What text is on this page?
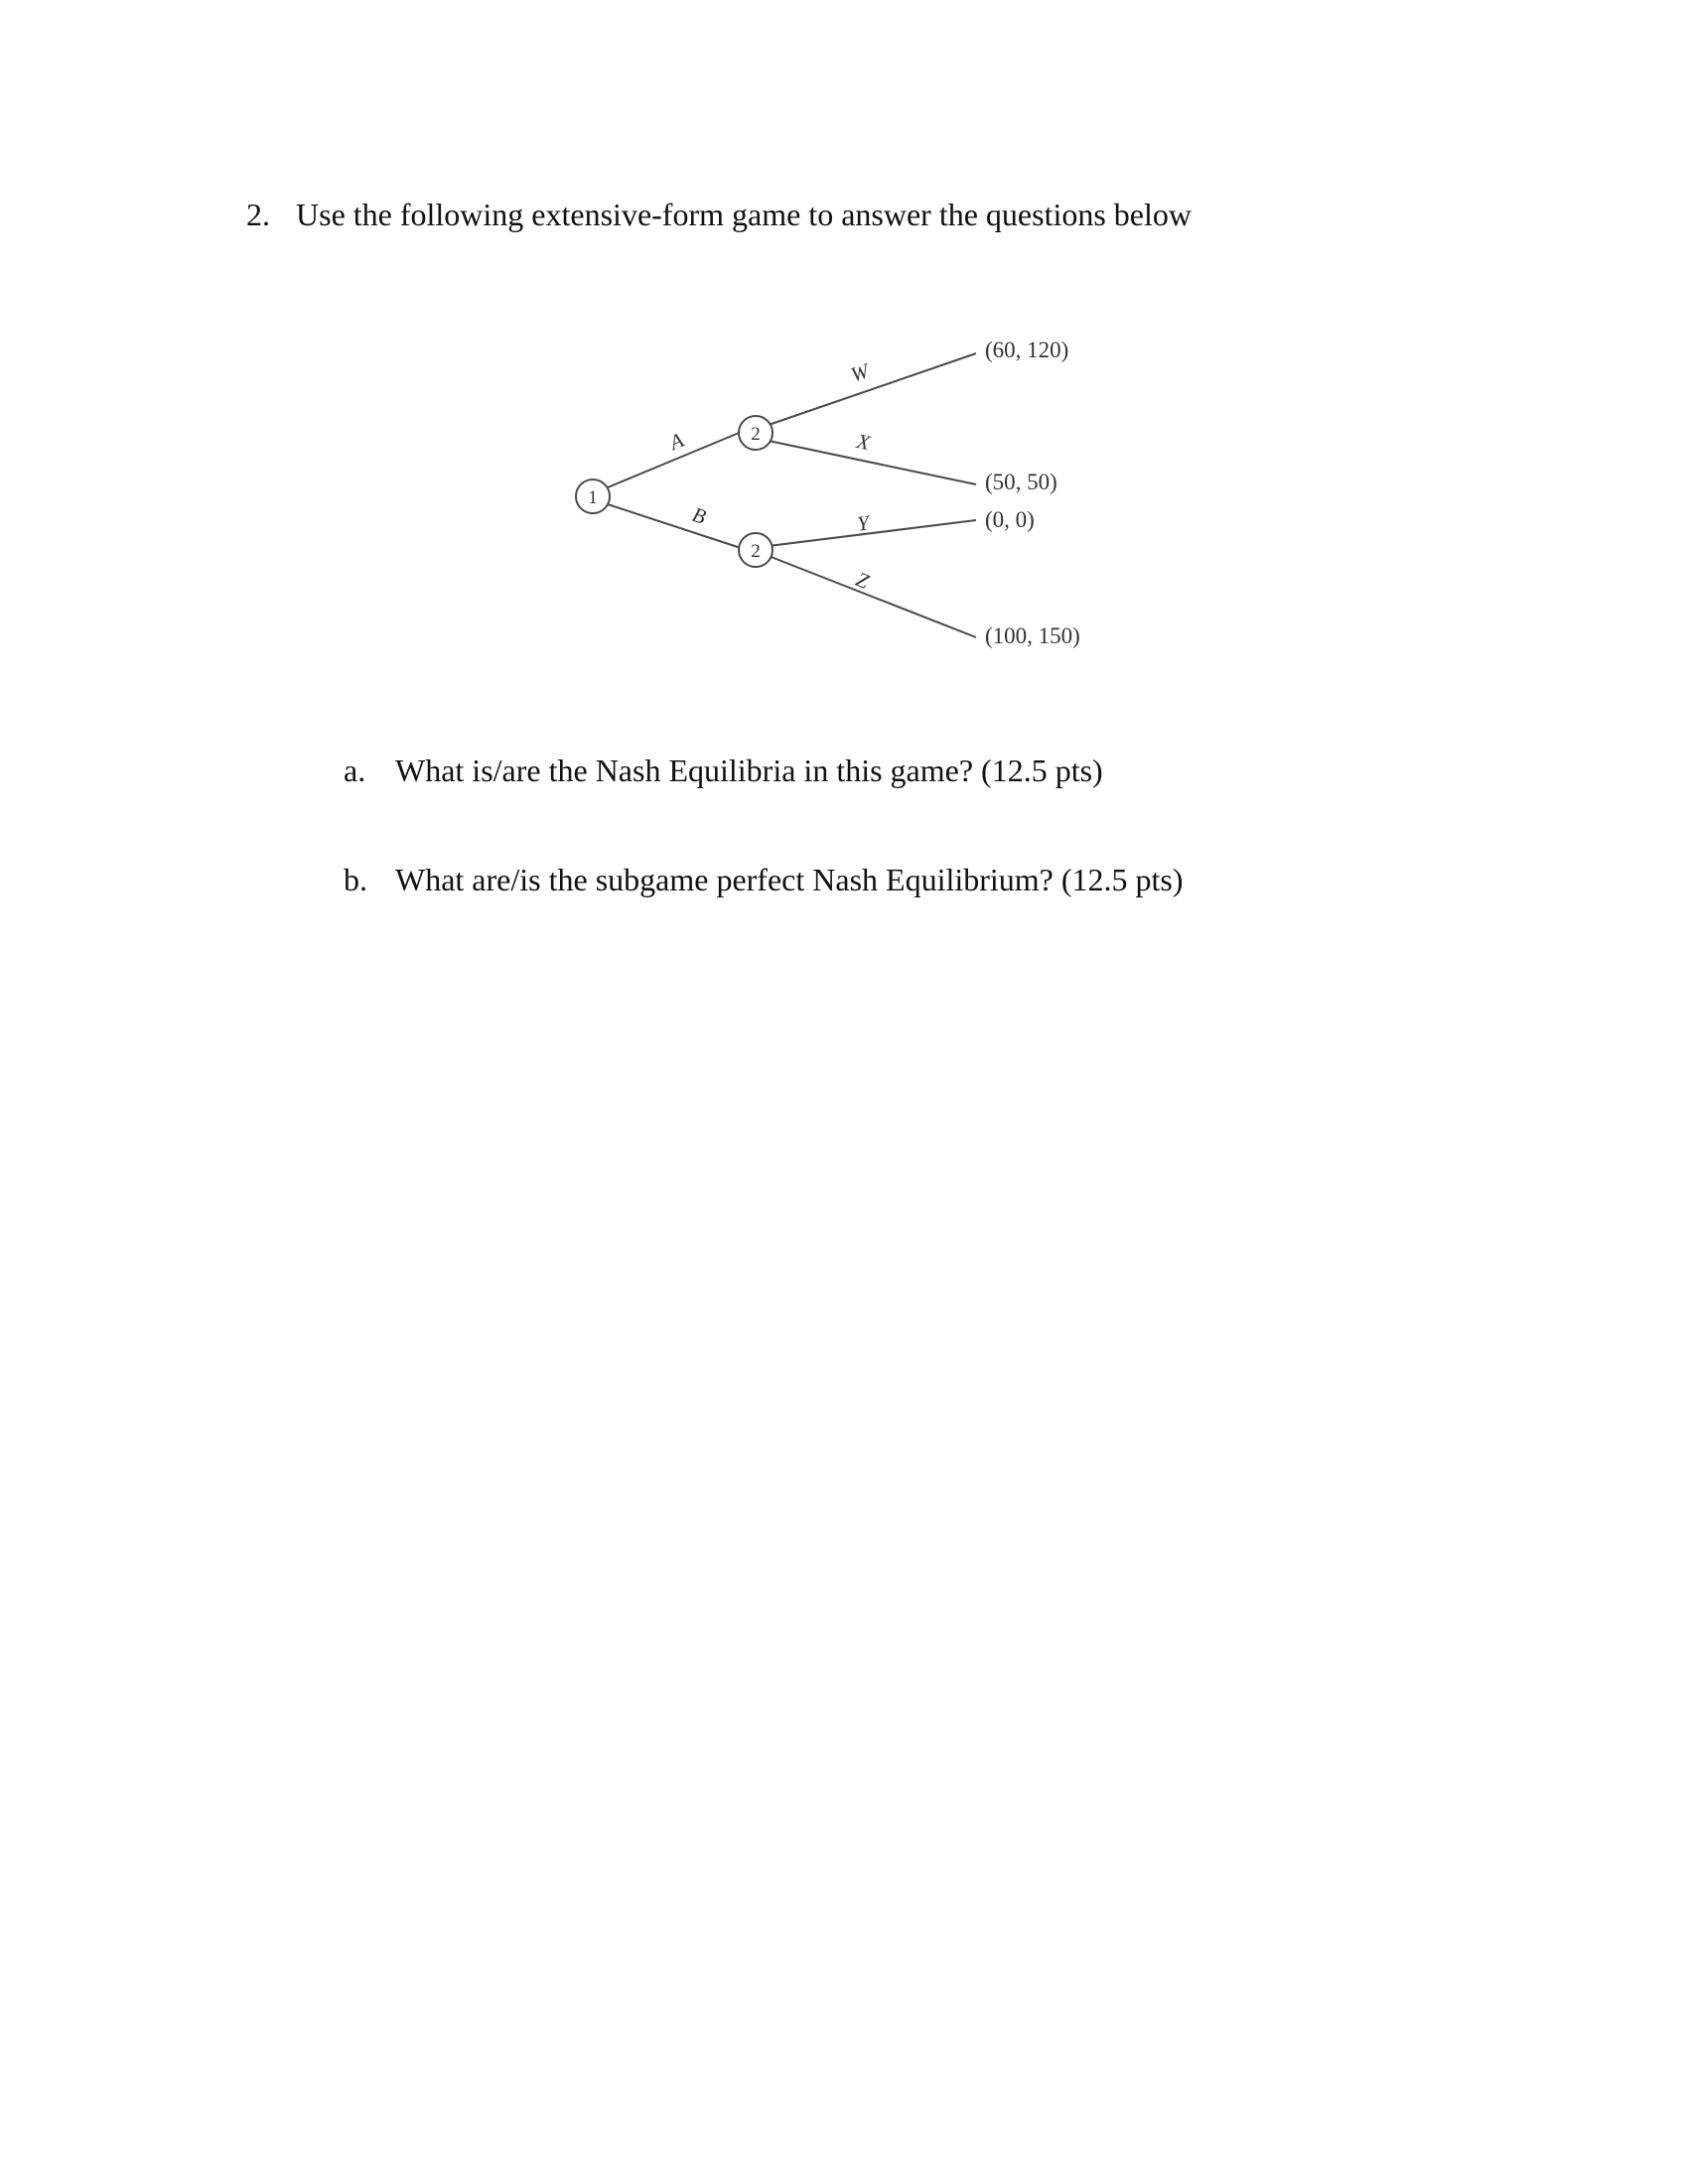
2. Use the following extensive-form game to answer the questions below
1
2
2
A
B
W
X
Y
Z
(60, 120)
(50, 50)
(0, 0)
(100, 150)
a. What is/are the Nash Equilibria in this game? (12.5 pts)
b. What are/is the subgame perfect Nash Equilibrium? (12.5 pts)
